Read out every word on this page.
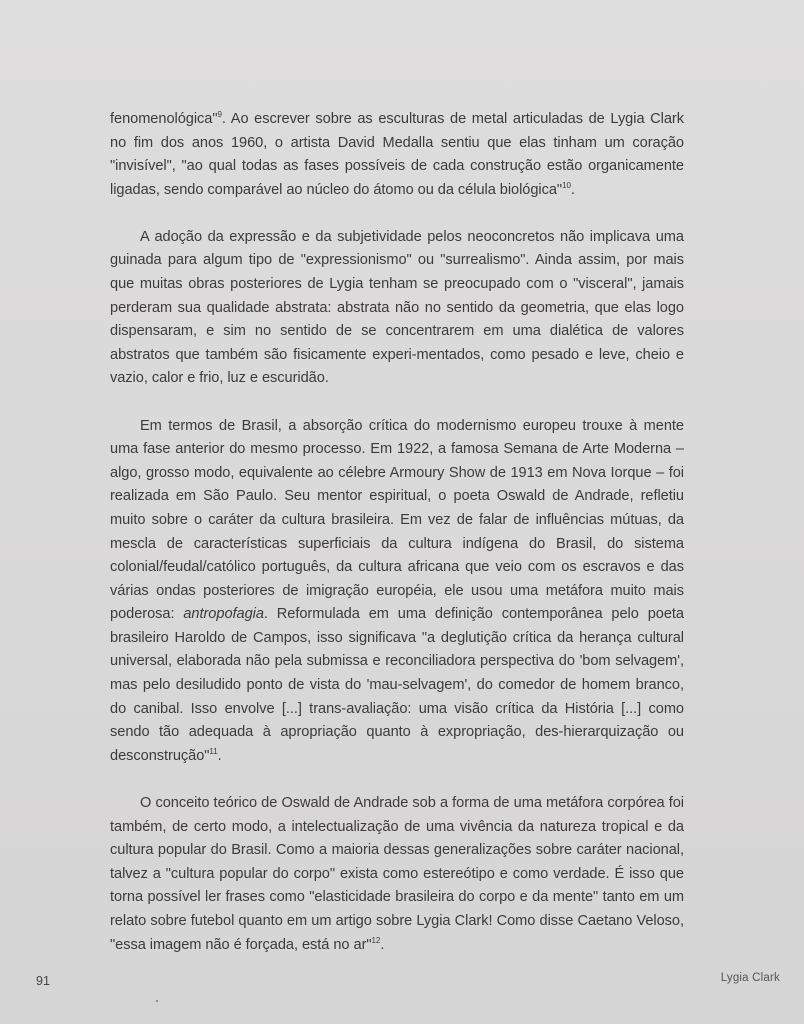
fenomenológica"$^9$. Ao escrever sobre as esculturas de metal articuladas de Lygia Clark no fim dos anos 1960, o artista David Medalla sentiu que elas tinham um coração "invisível", "ao qual todas as fases possíveis de cada construção estão organicamente ligadas, sendo comparável ao núcleo do átomo ou da célula biológica"$^{10}$.

A adoção da expressão e da subjetividade pelos neoconcretos não implicava uma guinada para algum tipo de "expressionismo" ou "surrealismo". Ainda assim, por mais que muitas obras posteriores de Lygia tenham se preocupado com o "visceral", jamais perderam sua qualidade abstrata: abstrata não no sentido da geometria, que elas logo dispensaram, e sim no sentido de se concentrarem em uma dialética de valores abstratos que também são fisicamente experi-mentados, como pesado e leve, cheio e vazio, calor e frio, luz e escuridão.

Em termos de Brasil, a absorção crítica do modernismo europeu trouxe à mente uma fase anterior do mesmo processo. Em 1922, a famosa Semana de Arte Moderna – algo, grosso modo, equivalente ao célebre Armoury Show de 1913 em Nova Iorque – foi realizada em São Paulo. Seu mentor espiritual, o poeta Oswald de Andrade, refletiu muito sobre o caráter da cultura brasileira. Em vez de falar de influências mútuas, da mescla de características superficiais da cultura indígena do Brasil, do sistema colonial/feudal/católico português, da cultura africana que veio com os escravos e das várias ondas posteriores de imigração européia, ele usou uma metáfora muito mais poderosa: antropofagia. Reformulada em uma definição contemporânea pelo poeta brasileiro Haroldo de Campos, isso significava "a deglutição crítica da herança cultural universal, elaborada não pela submissa e reconciliadora perspectiva do 'bom selvagem', mas pelo desiludido ponto de vista do 'mau-selvagem', do comedor de homem branco, do canibal. Isso envolve [...] trans-avaliação: uma visão crítica da História [...] como sendo tão adequada à apropriação quanto à expropriação, des-hierarquização ou desconstrução"$^{11}$.

O conceito teórico de Oswald de Andrade sob a forma de uma metáfora corpórea foi também, de certo modo, a intelectualização de uma vivência da natureza tropical e da cultura popular do Brasil. Como a maioria dessas generalizações sobre caráter nacional, talvez a "cultura popular do corpo" exista como estereótipo e como verdade. É isso que torna possível ler frases como "elasticidade brasileira do corpo e da mente" tanto em um relato sobre futebol quanto em um artigo sobre Lygia Clark! Como disse Caetano Veloso, "essa imagem não é forçada, está no ar"$^{12}$.

91	Lygia Clark
